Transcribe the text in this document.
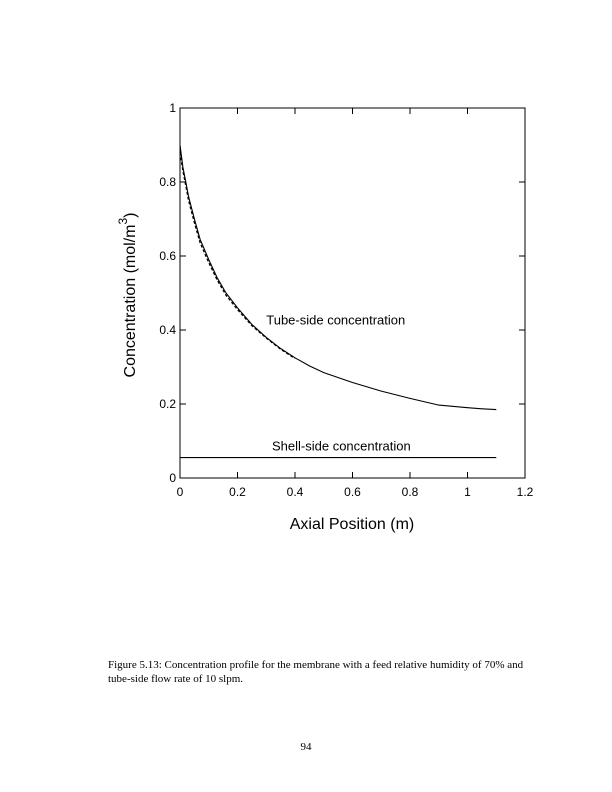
0	0.2	0.4	0.6	0.8	1	1.2
0
0.2
0.4
0.6
0.8
1
Tube-side concentration
Shell-side concentration
Axial Position (m)
Concentration $(mol/m^3)$
Figure 5.13: Concentration profile for the membrane with a feed relative humidity of 70% and tube-side flow rate of 10 slpm.
94
